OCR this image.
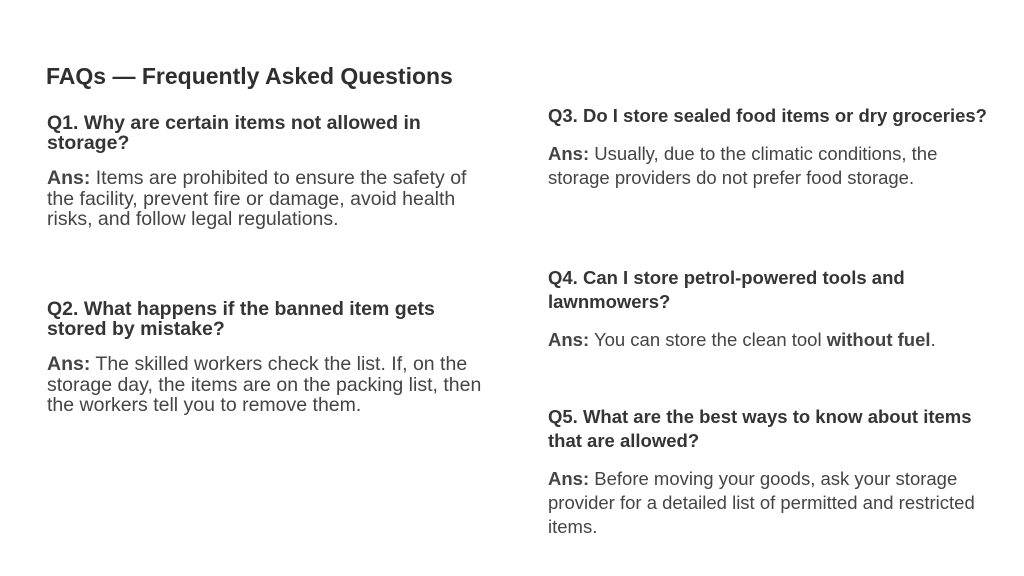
FAQs — Frequently Asked Questions

Q1. Why are certain items not allowed in storage?

Ans: Items are prohibited to ensure the safety of the facility, prevent fire or damage, avoid health risks, and follow legal regulations.

Q2. What happens if the banned item gets stored by mistake?

Ans: The skilled workers check the list. If, on the storage day, the items are on the packing list, then the workers tell you to remove them.

Q3. Do I store sealed food items or dry groceries?

Ans: Usually, due to the climatic conditions, the storage providers do not prefer food storage.

Q4. Can I store petrol-powered tools and lawnmowers?

Ans: You can store the clean tool without fuel.

Q5. What are the best ways to know about items that are allowed?

Ans: Before moving your goods, ask your storage provider for a detailed list of permitted and restricted items.
